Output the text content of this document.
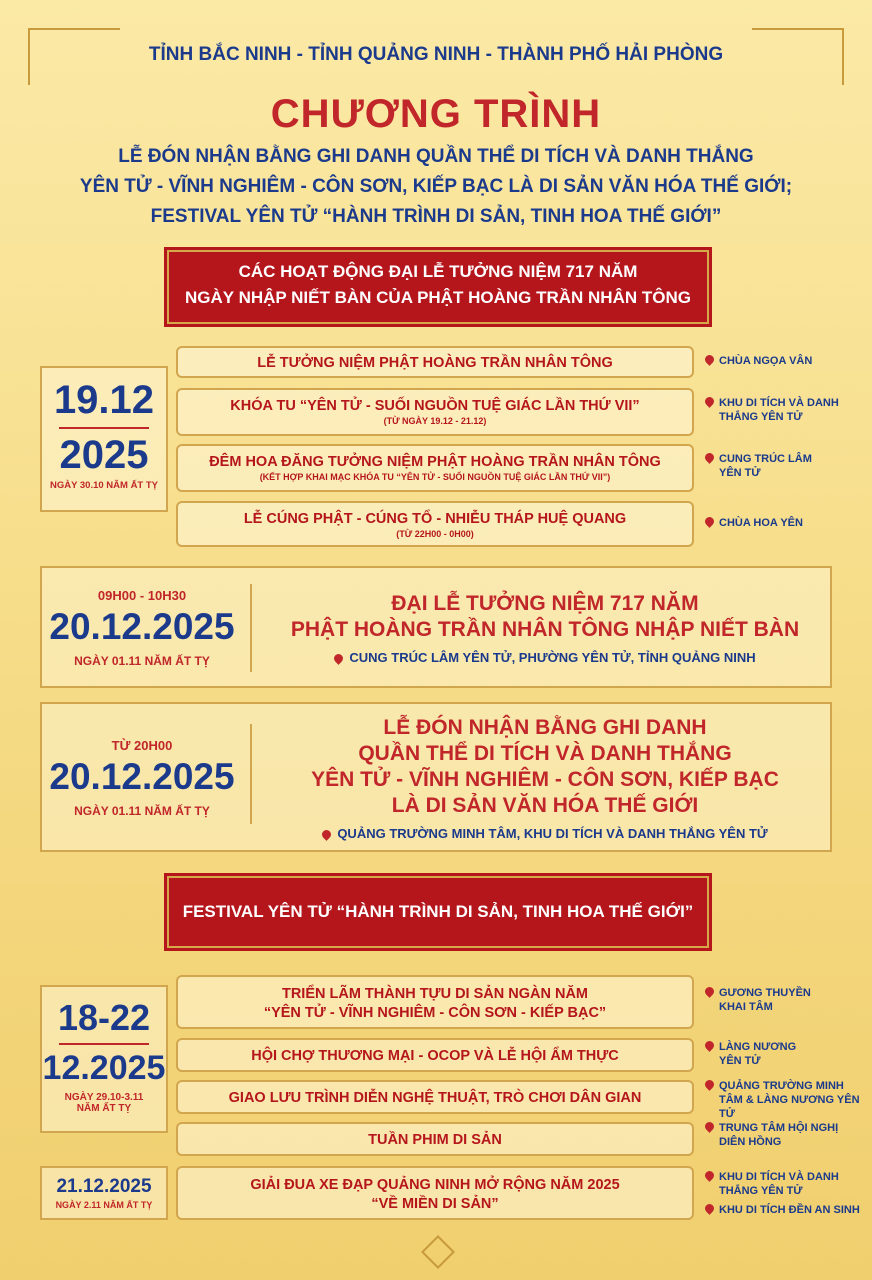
TỈNH BẮC NINH - TỈNH QUẢNG NINH - THÀNH PHỐ HẢI PHÒNG
CHƯƠNG TRÌNH
LỄ ĐÓN NHẬN BẰNG GHI DANH QUẦN THỂ DI TÍCH VÀ DANH THẮNG
YÊN TỬ - VĨNH NGHIÊM - CÔN SƠN, KIẾP BẠC LÀ DI SẢN VĂN HÓA THẾ GIỚI;
FESTIVAL YÊN TỬ “HÀNH TRÌNH DI SẢN, TINH HOA THẾ GIỚI”
CÁC HOẠT ĐỘNG ĐẠI LỄ TƯỞNG NIỆM 717 NĂM
NGÀY NHẬP NIẾT BÀN CỦA PHẬT HOÀNG TRẦN NHÂN TÔNG
19.12
2025
NGÀY 30.10 NĂM ẤT TỴ
LỄ TƯỞNG NIỆM PHẬT HOÀNG TRẦN NHÂN TÔNG	CHÙA NGỌA VÂN
KHÓA TU “YÊN TỬ - SUỐI NGUỒN TUỆ GIÁC LẦN THỨ VII”
(TỪ NGÀY 19.12 - 21.12)
KHU DI TÍCH VÀ DANH THẮNG YÊN TỬ
ĐÊM HOA ĐĂNG TƯỞNG NIỆM PHẬT HOÀNG TRẦN NHÂN TÔNG
(KẾT HỢP KHAI MẠC KHÓA TU “YÊN TỬ - SUỐI NGUỒN TUỆ GIÁC LẦN THỨ VII”)
CUNG TRÚC LÂM YÊN TỬ
LỄ CÚNG PHẬT - CÚNG TỔ - NHIỄU THÁP HUỆ QUANG
(TỪ 22H00 - 0H00)
CHÙA HOA YÊN
09H00 - 10H30
20.12.2025
NGÀY 01.11 NĂM ẤT TỴ
ĐẠI LỄ TƯỞNG NIỆM 717 NĂM
PHẬT HOÀNG TRẦN NHÂN TÔNG NHẬP NIẾT BÀN
CUNG TRÚC LÂM YÊN TỬ, PHƯỜNG YÊN TỬ, TỈNH QUẢNG NINH
TỪ 20H00
20.12.2025
NGÀY 01.11 NĂM ẤT TỴ
LỄ ĐÓN NHẬN BẰNG GHI DANH
QUẦN THỂ DI TÍCH VÀ DANH THẮNG
YÊN TỬ - VĨNH NGHIÊM - CÔN SƠN, KIẾP BẠC
LÀ DI SẢN VĂN HÓA THẾ GIỚI
QUẢNG TRƯỜNG MINH TÂM, KHU DI TÍCH VÀ DANH THẮNG YÊN TỬ
FESTIVAL YÊN TỬ “HÀNH TRÌNH DI SẢN, TINH HOA THẾ GIỚI”
18-22
12.2025
NGÀY 29.10-3.11
NĂM ẤT TỴ
TRIỂN LÃM THÀNH TỰU DI SẢN NGÀN NĂM
“YÊN TỬ - VĨNH NGHIÊM - CÔN SƠN - KIẾP BẠC”
GƯƠNG THUYỀN KHAI TÂM
HỘI CHỢ THƯƠNG MẠI - OCOP VÀ LỄ HỘI ẨM THỰC
LÀNG NƯƠNG YÊN TỬ
GIAO LƯU TRÌNH DIỄN NGHỆ THUẬT, TRÒ CHƠI DÂN GIAN
QUẢNG TRƯỜNG MINH TÂM & LÀNG NƯƠNG YÊN TỬ
TUẦN PHIM DI SẢN
TRUNG TÂM HỘI NGHỊ DIÊN HỒNG
21.12.2025
NGÀY 2.11 NĂM ẤT TỴ
GIẢI ĐUA XE ĐẠP QUẢNG NINH MỞ RỘNG NĂM 2025
“VỀ MIỀN DI SẢN”
KHU DI TÍCH VÀ DANH THẮNG YÊN TỬ
KHU DI TÍCH ĐỀN AN SINH
